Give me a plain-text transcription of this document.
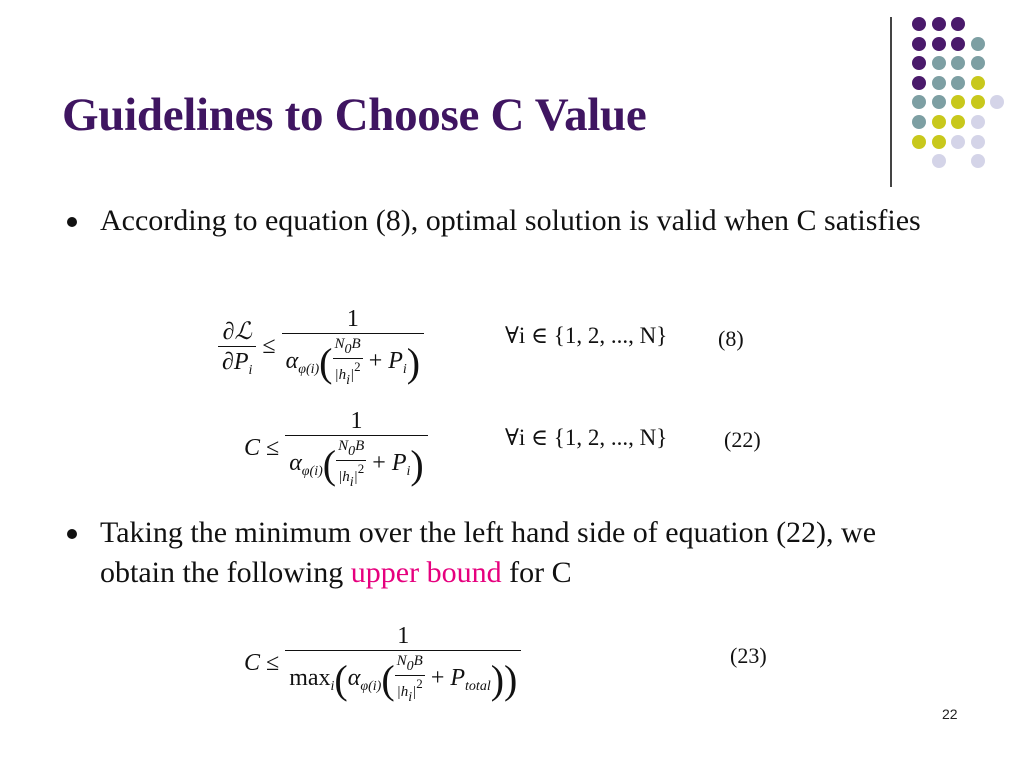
Guidelines to Choose C Value
According to equation (8), optimal solution is valid when C satisfies
$\frac{\text{∂ℒ}}{\partial P_i} \le \frac{1}{\alpha_{\varphi(i)}( \frac{N0B}{|hi|2} + P_i)}$	∀i ∈ {1, 2, ..., N} (8)
$C \le \frac{1}{\alpha_{\varphi(i)}( \frac{N0B}{|hi|2} + P_i)}$	∀i ∈ {1, 2, ..., N}	(22)
Taking the minimum over the left hand side of equation (22), we obtain the following upper bound for C
$C \le \frac{1}{\max_i(\alpha_{\varphi(i)}( \frac{N0B}{|hi|2} + P_{total}))}$	(23)
22
